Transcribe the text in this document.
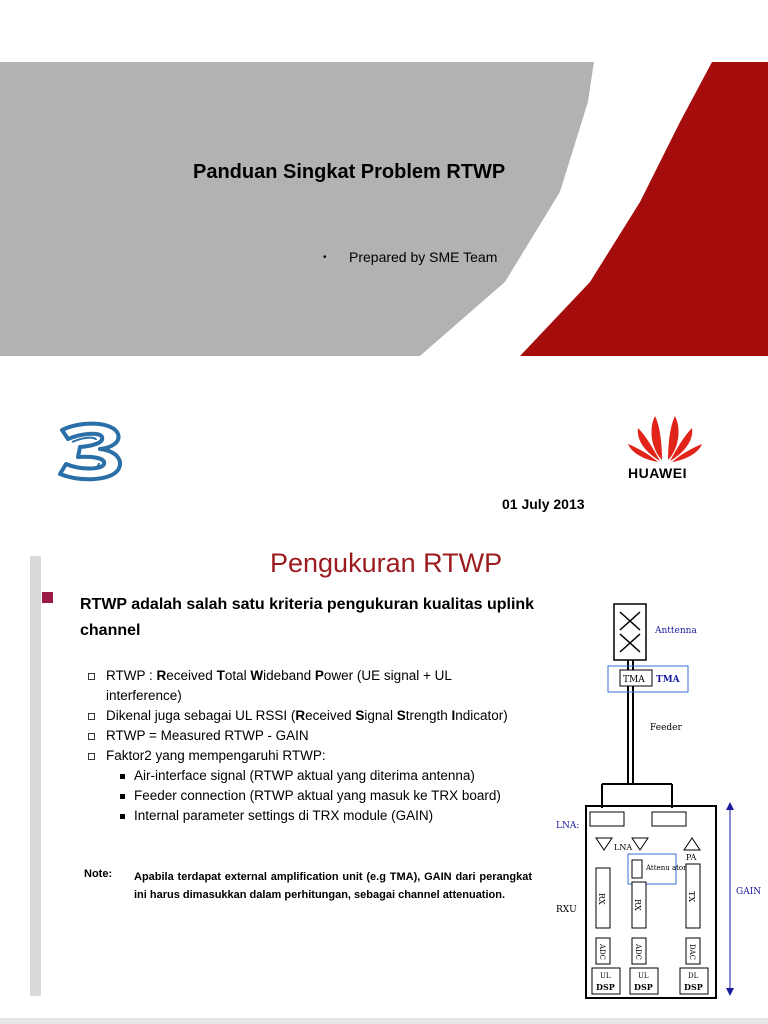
Panduan Singkat Problem RTWP
• Prepared by SME Team
HUAWEI
01 July 2013
Pengukuran RTWP
RTWP adalah salah satu kriteria pengukuran kualitas uplink channel
RTWP : Received Total Wideband Power (UE signal + UL interference)
Dikenal juga sebagai UL RSSI (Received Signal Strength Indicator)
RTWP = Measured RTWP - GAIN
Faktor2 yang mempengaruhi RTWP:
Air-interface signal (RTWP aktual yang diterima antenna)
Feeder connection (RTWP aktual yang masuk ke TRX board)
Internal parameter settings di TRX module (GAIN)
Note: Apabila terdapat external amplification unit (e.g TMA), GAIN dari perangkat ini harus dimasukkan dalam perhitungan, sebagai channel attenuation.
Anttenna
TMA TMA
Feeder
LNA:
RXU
LNA
Attenu ator
PA
RX
RX
TX
ADC	ADC	DAC
UL
DSP
UL
DSP
DL
DSP
GAIN
